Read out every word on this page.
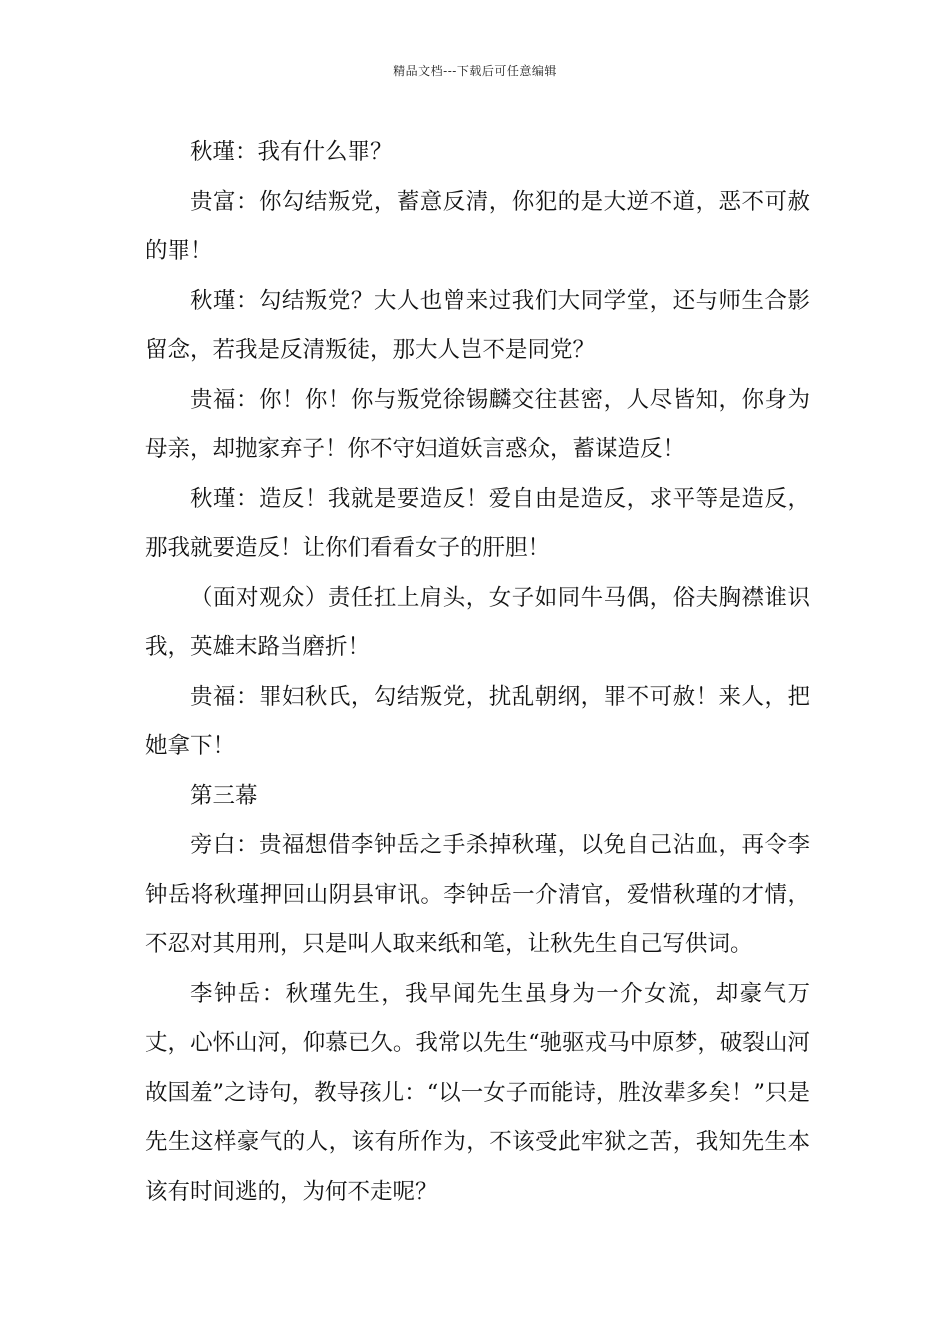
精品文档---下载后可任意编辑

秋瑾：我有什么罪？

贵富：你勾结叛党，蓄意反清，你犯的是大逆不道，恶不可赦的罪！

秋瑾：勾结叛党？大人也曾来过我们大同学堂，还与师生合影留念，若我是反清叛徒，那大人岂不是同党？

贵福：你！你！你与叛党徐锡麟交往甚密，人尽皆知，你身为母亲，却抛家弃子！你不守妇道妖言惑众，蓄谋造反！

秋瑾：造反！我就是要造反！爱自由是造反，求平等是造反，那我就要造反！让你们看看女子的肝胆！

（面对观众）责任扛上肩头，女子如同牛马偶，俗夫胸襟谁识我，英雄末路当磨折！

贵福：罪妇秋氏，勾结叛党，扰乱朝纲，罪不可赦！来人，把她拿下！

第三幕

旁白：贵福想借李钟岳之手杀掉秋瑾，以免自己沾血，再令李钟岳将秋瑾押回山阴县审讯。李钟岳一介清官，爱惜秋瑾的才情，不忍对其用刑，只是叫人取来纸和笔，让秋先生自己写供词。

李钟岳：秋瑾先生，我早闻先生虽身为一介女流，却豪气万丈，心怀山河，仰慕已久。我常以先生“驰驱戎马中原梦，破裂山河故国羞”之诗句，教导孩儿：“以一女子而能诗，胜汝辈多矣！”只是先生这样豪气的人，该有所作为，不该受此牢狱之苦，我知先生本该有时间逃的，为何不走呢？
